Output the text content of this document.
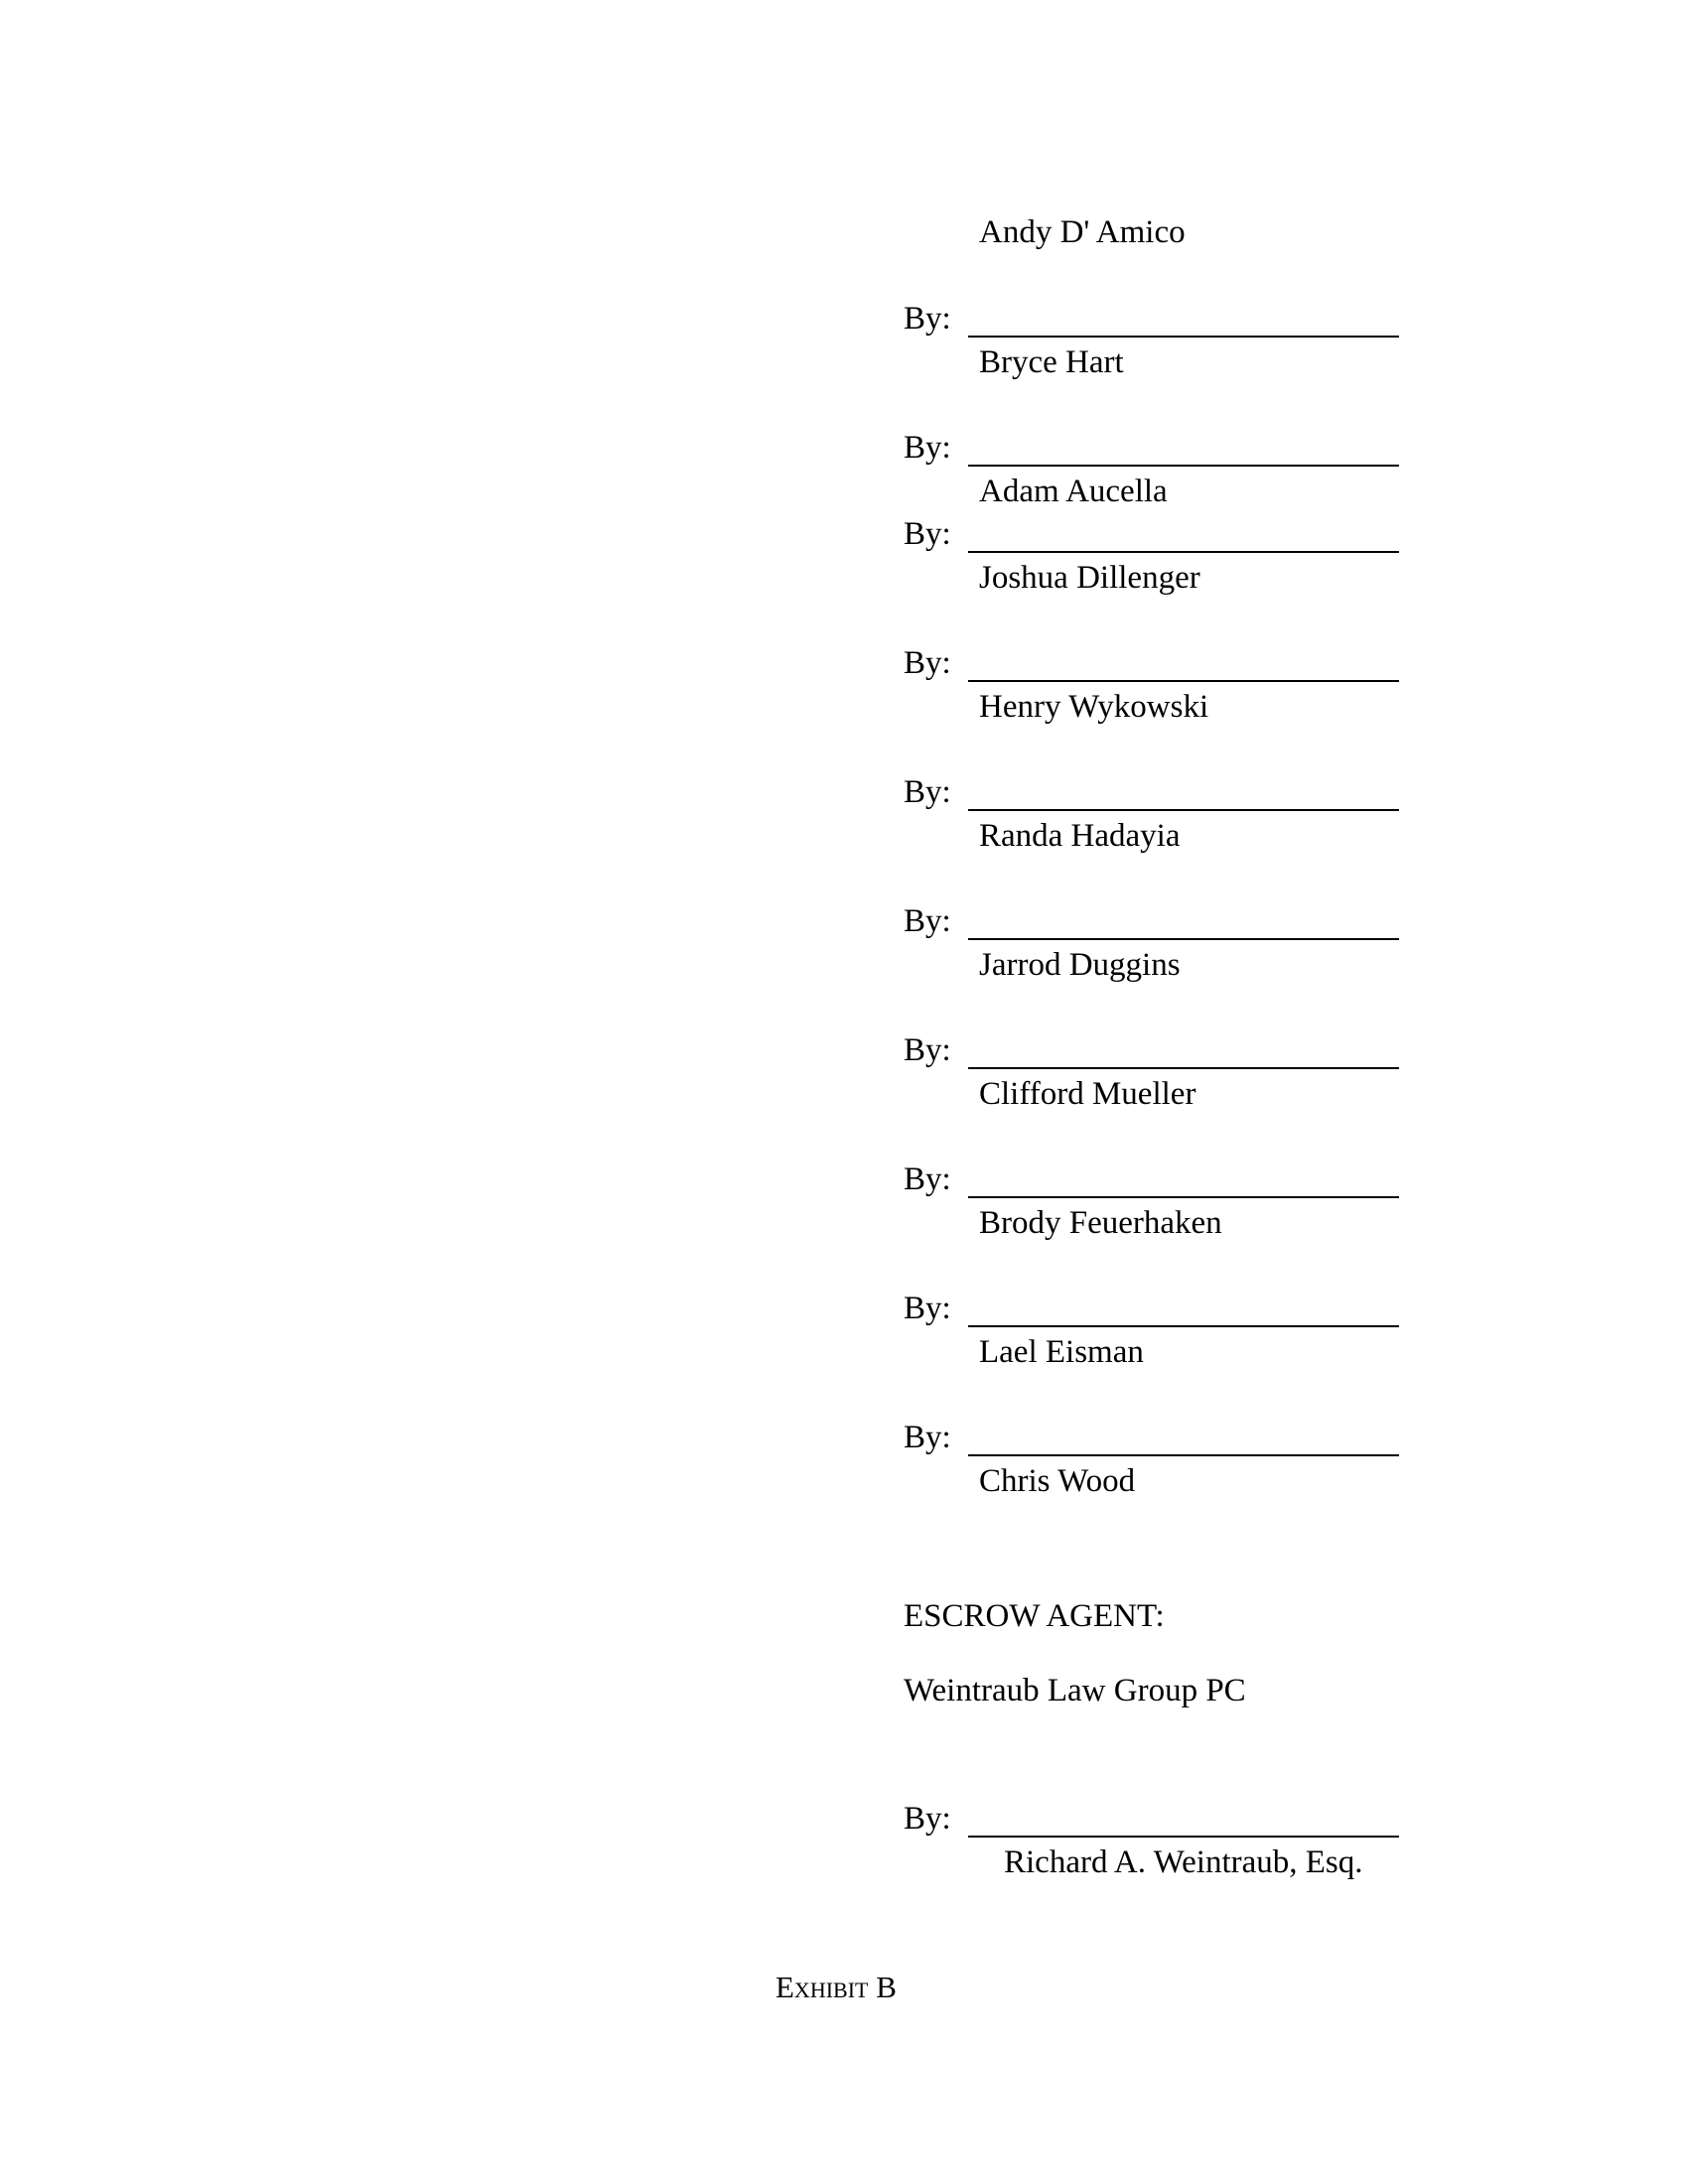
Andy D' Amico
By:
Bryce Hart
By:
Adam Aucella
By:
Joshua Dillenger
By:
Henry Wykowski
By:
Randa Hadayia
By:
Jarrod Duggins
By:
Clifford Mueller
By:
Brody Feuerhaken
By:
Lael Eisman
By:
Chris Wood
ESCROW AGENT:
Weintraub Law Group PC
By:
Richard A. Weintraub, Esq.
Exhibit B
